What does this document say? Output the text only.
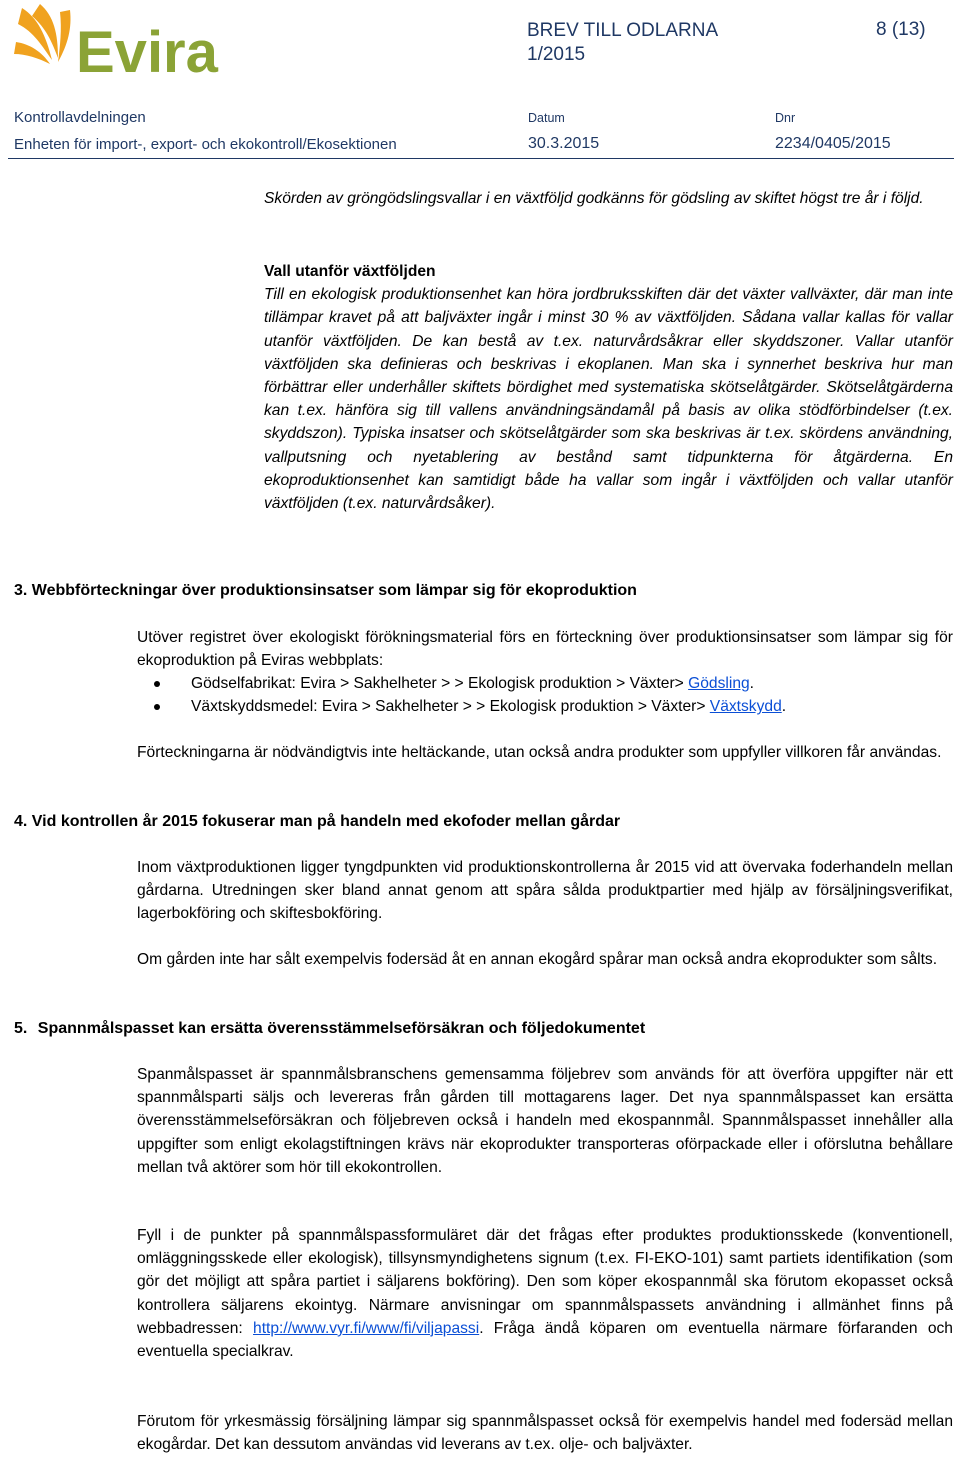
Evira	BREV TILL ODLARNA
1/2015
8 (13)
Kontrollavdelningen
Enheten för import-, export- och ekokontroll/Ekosektionen
Datum
30.3.2015
Dnr
2234/0405/2015
Skörden av gröngödslingsvallar i en växtföljd godkänns för gödsling av skiftet högst tre år i följd.
Vall utanför växtföljden
Till en ekologisk produktionsenhet kan höra jordbruksskiften där det växter vallväxter, där man inte tillämpar kravet på att baljväxter ingår i minst 30 % av växtföljden. Sådana vallar kallas för vallar utanför växtföljden. De kan bestå av t.ex. naturvårdsåkrar eller skyddszoner. Vallar utanför växtföljden ska definieras och beskrivas i ekoplanen. Man ska i synnerhet beskriva hur man förbättrar eller underhåller skiftets bördighet med systematiska skötselåtgärder. Skötselåtgärderna kan t.ex. hänföra sig till vallens användningsändamål på basis av olika stödförbindelser (t.ex. skyddszon). Typiska insatser och skötselåtgärder som ska beskrivas är t.ex. skördens användning, vallputsning och nyetablering av bestånd samt tidpunkterna för åtgärderna. En ekoproduktionsenhet kan samtidigt både ha vallar som ingår i växtföljden och vallar utanför växtföljden (t.ex. naturvårdsåker).
3. Webbförteckningar över produktionsinsatser som lämpar sig för ekoproduktion
Utöver registret över ekologiskt förökningsmaterial förs en förteckning över produktionsinsatser som lämpar sig för ekoproduktion på Eviras webbplats:
Gödselfabrikat: Evira > Sakhelheter > > Ekologisk produktion > Växter> Gödsling.
Växtskyddsmedel: Evira > Sakhelheter > > Ekologisk produktion > Växter> Växtskydd.
Förteckningarna är nödvändigtvis inte heltäckande, utan också andra produkter som uppfyller villkoren får användas.
4. Vid kontrollen år 2015 fokuserar man på handeln med ekofoder mellan gårdar
Inom växtproduktionen ligger tyngdpunkten vid produktionskontrollerna år 2015 vid att övervaka foderhandeln mellan gårdarna. Utredningen sker bland annat genom att spåra sålda produktpartier med hjälp av försäljningsverifikat, lagerbokföring och skiftesbokföring.
Om gården inte har sålt exempelvis fodersäd åt en annan ekogård spårar man också andra ekoprodukter som sålts.
5. Spannmålspasset kan ersätta överensstämmelseförsäkran och följedokumentet
Spanmålspasset är spannmålsbranschens gemensamma följebrev som används för att överföra uppgifter när ett spannmålsparti säljs och levereras från gården till mottagarens lager. Det nya spannmålspasset kan ersätta överensstämmelseförsäkran och följebreven också i handeln med ekospannmål. Spannmålspasset innehåller alla uppgifter som enligt ekolagstiftningen krävs när ekoprodukter transporteras oförpackade eller i oförslutna behållare mellan två aktörer som hör till ekokontrollen.
Fyll i de punkter på spannmålspassformuläret där det frågas efter produktes produktionsskede (konventionell, omläggningsskede eller ekologisk), tillsynsmyndighetens signum (t.ex. FI-EKO-101) samt partiets identifikation (som gör det möjligt att spåra partiet i säljarens bokföring). Den som köper ekospannmål ska förutom ekopasset också kontrollera säljarens ekointyg. Närmare anvisningar om spannmålspassets användning i allmänhet finns på webbadressen: http://www.vyr.fi/www/fi/viljapassi. Fråga ändå köparen om eventuella närmare förfaranden och eventuella specialkrav.
Förutom för yrkesmässig försäljning lämpar sig spannmålspasset också för exempelvis handel med fodersäd mellan ekogårdar. Det kan dessutom användas vid leverans av t.ex. olje- och baljväxter.
